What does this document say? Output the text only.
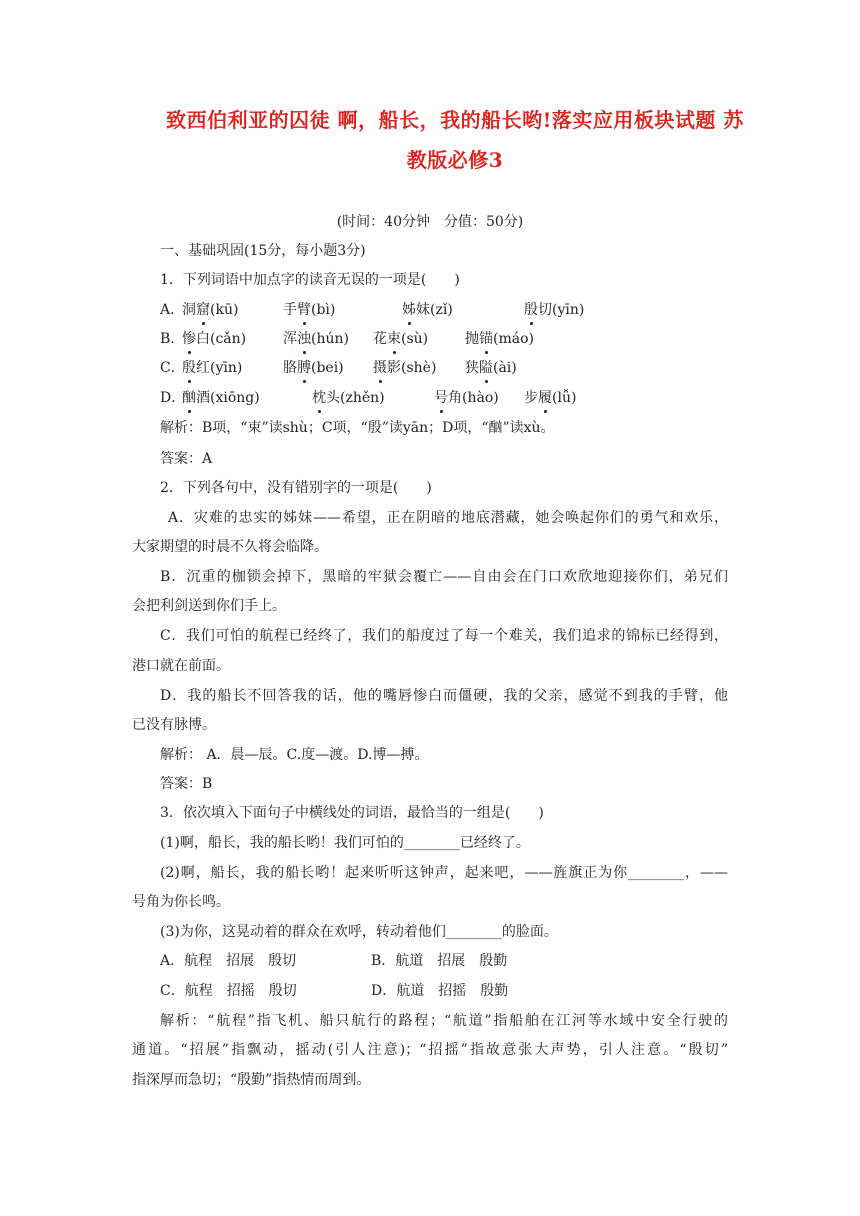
致西伯利亚的囚徒 啊，船长，我的船长哟!落实应用板块试题 苏
教版必修3
(时间：40分钟　分值：50分)
一、基础巩固(15分，每小题3分)
1．下列词语中加点字的读音无误的一项是(　　)
A．
洞窟(kū)	手臂(bì)	姊妹(zǐ)	殷切(yīn)
B．
惨白(cǎn)	浑浊(hún) 花束(sù)	抛锚(máo)
C．
殷红(yīn)	胳膊(bei) 摄影(shè) 狭隘(ài)
D．
酗酒(xiōng)	枕头(zhěn)	号角(hào) 步履(lǚ)
解析：B项，“束”读shù；C项，“殷”读yān；D项，“酗”读xù。
答案：A
2．下列各句中，没有错别字的一项是(　　)
A．灾难的忠实的姊妹——希望，正在阴暗的地底潜藏，她会唤起你们的勇气和欢乐，
大家期望的时晨不久将会临降。
B．沉重的枷锁会掉下，黑暗的牢狱会覆亡——自由会在门口欢欣地迎接你们，弟兄们
会把利剑送到你们手上。
C．我们可怕的航程已经终了，我们的船度过了每一个难关，我们追求的锦标已经得到，
港口就在前面。
D．我的船长不回答我的话，他的嘴唇惨白而僵硬，我的父亲，感觉不到我的手臂，他
已没有脉博。
解析： A．晨—辰。C.度—渡。D.博—搏。
答案：B
3．依次填入下面句子中横线处的词语，最恰当的一组是(　　)
(1)啊，船长，我的船长哟！我们可怕的________已经终了。
(2)啊，船长，我的船长哟！起来听听这钟声，起来吧，——旌旗正为你________，——
号角为你长鸣。
(3)为你，这晃动着的群众在欢呼，转动着他们________的脸面。
A．航程　招展　殷切	B．航道　招展　殷勤
C．航程　招摇　殷切	D．航道　招摇　殷勤
解析：“航程”指飞机、船只航行的路程；“航道”指船舶在江河等水域中安全行驶的
通道。“招展”指飘动，摇动(引人注意)；“招摇”指故意张大声势，引人注意。“殷切”
指深厚而急切；“殷勤”指热情而周到。
